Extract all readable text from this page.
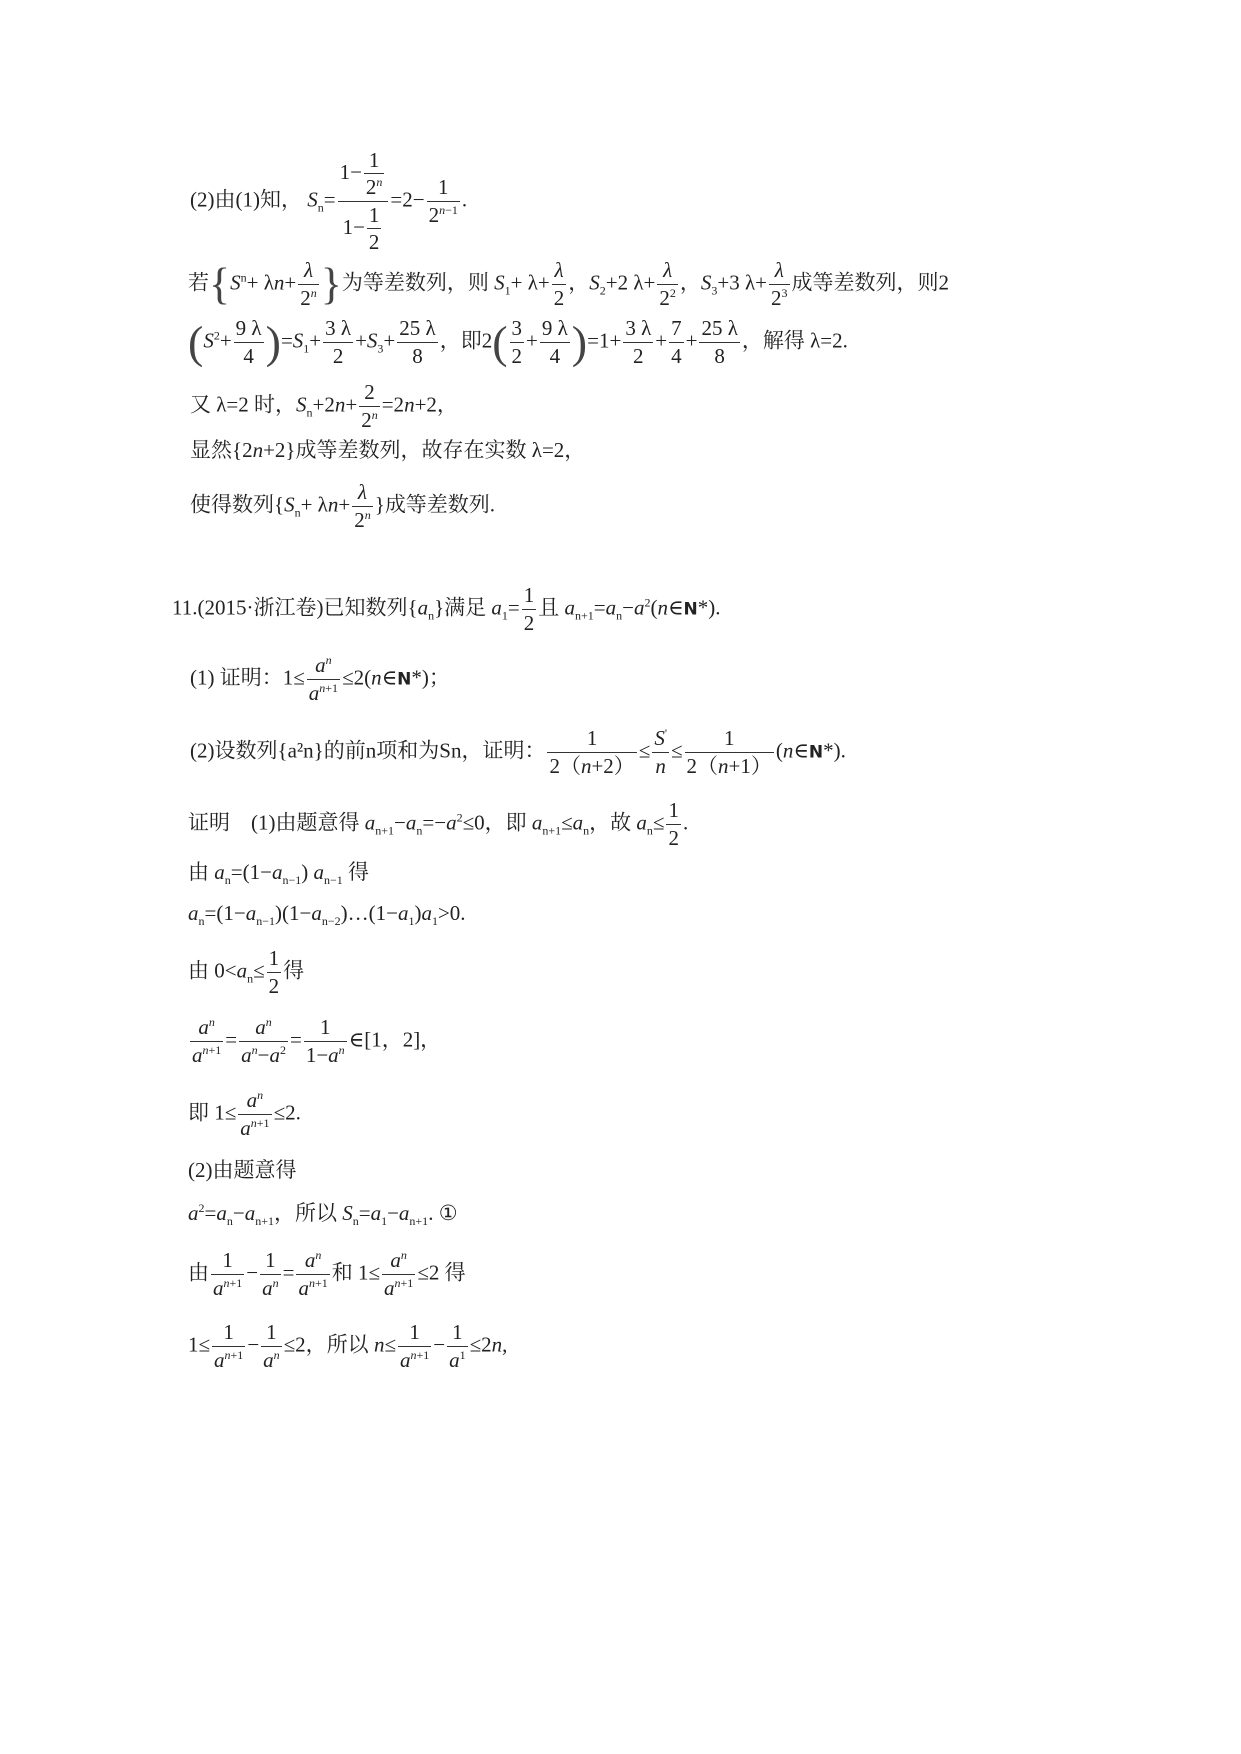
(2)由(1)知， $S_n= \frac{1- \frac{1}{2^n}}{1- \frac{1}{2}} =2- \frac{1}{2^{n-1}}$ .
若{$S^n+ \lambda n+ \frac{\lambda}{2^n}$ }为等差数列，则 $S_1+ \lambda+ \frac{\lambda}{2}$ ，$S_2+2$ $\lambda+ \frac{\lambda}{2^2}$ ，$S_3+3$ $\lambda+ \frac{\lambda}{2^3}$ 成等差数列，则2
$(S^2+ \frac{9 \lambda}{4} )=S_1+ \frac{3 \lambda}{2} +S_3+ \frac{25 \lambda}{8}$ ，即$2( \frac{3}{2} + \frac{9 \lambda}{4} )=1+ \frac{3 \lambda}{2} + \frac{7}{4} + \frac{25 \lambda}{8}$ ，解得 λ=2.
又 λ=2 时，$S_n+2n+ \frac{2}{2^n} =2n+2$，
显然{2n+2}成等差数列，故存在实数 λ=2，
使得数列{$S_n+ \lambda n+ \frac{\lambda}{2^n}$ }成等差数列.
11.(2015·浙江卷)已知数列$\{a_n\}$满足 $a_1= \frac{1}{2}$ 且 $a_{n+1}=a_n-a^2(n\in N*)$.
(1) 证明：$1\le \frac{a^n}{a^{n+1}}$ ≤2(n∈N*)；
(2)设数列{a²n}的前n项和为Sn，证明： $\frac{1}{2(n+2)} \le \frac{S'}{n} \le \frac{1}{2(n+1)}$ (n∈N*).
证明　 (1)由题意得 $a_{n+1}-a_n=-a^2\le 0$，即 $a_{n+1}\le a_n$，故 $a_n\le \frac{1}{2}$ .
由 $a_n=(1-a_{n-1})$ $a_{n-1}$ 得
$a_n=(1-a_{n-1})(1-a_{n-2})\dots(1-a_1)a_1>0$.
由 $0<a_n\le \frac{1}{2}$ 得
$\frac{a^n}{a^{n+1}} = \frac{a^n}{a^n-a^2} = \frac{1}{1-a^n}$ ∈[1，2]，
即 $1\le \frac{a^n}{a^{n+1}} \le 2$.
(2)由题意得
$a^2=a_n-a_{n+1}$，所以 $S_n=a_1-a_{n+1}$. ①
由 $\frac{1}{a^{n+1}} - \frac{1}{a^n} = \frac{a^n}{a^{n+1}}$ 和 $1\le \frac{a^n}{a^{n+1}} \le 2$ 得
$1\le \frac{1}{a^{n+1}} - \frac{1}{a^n} \le 2$，所以 $n\le \frac{1}{a^{n+1}} - \frac{1}{a^1} \le 2n$,
